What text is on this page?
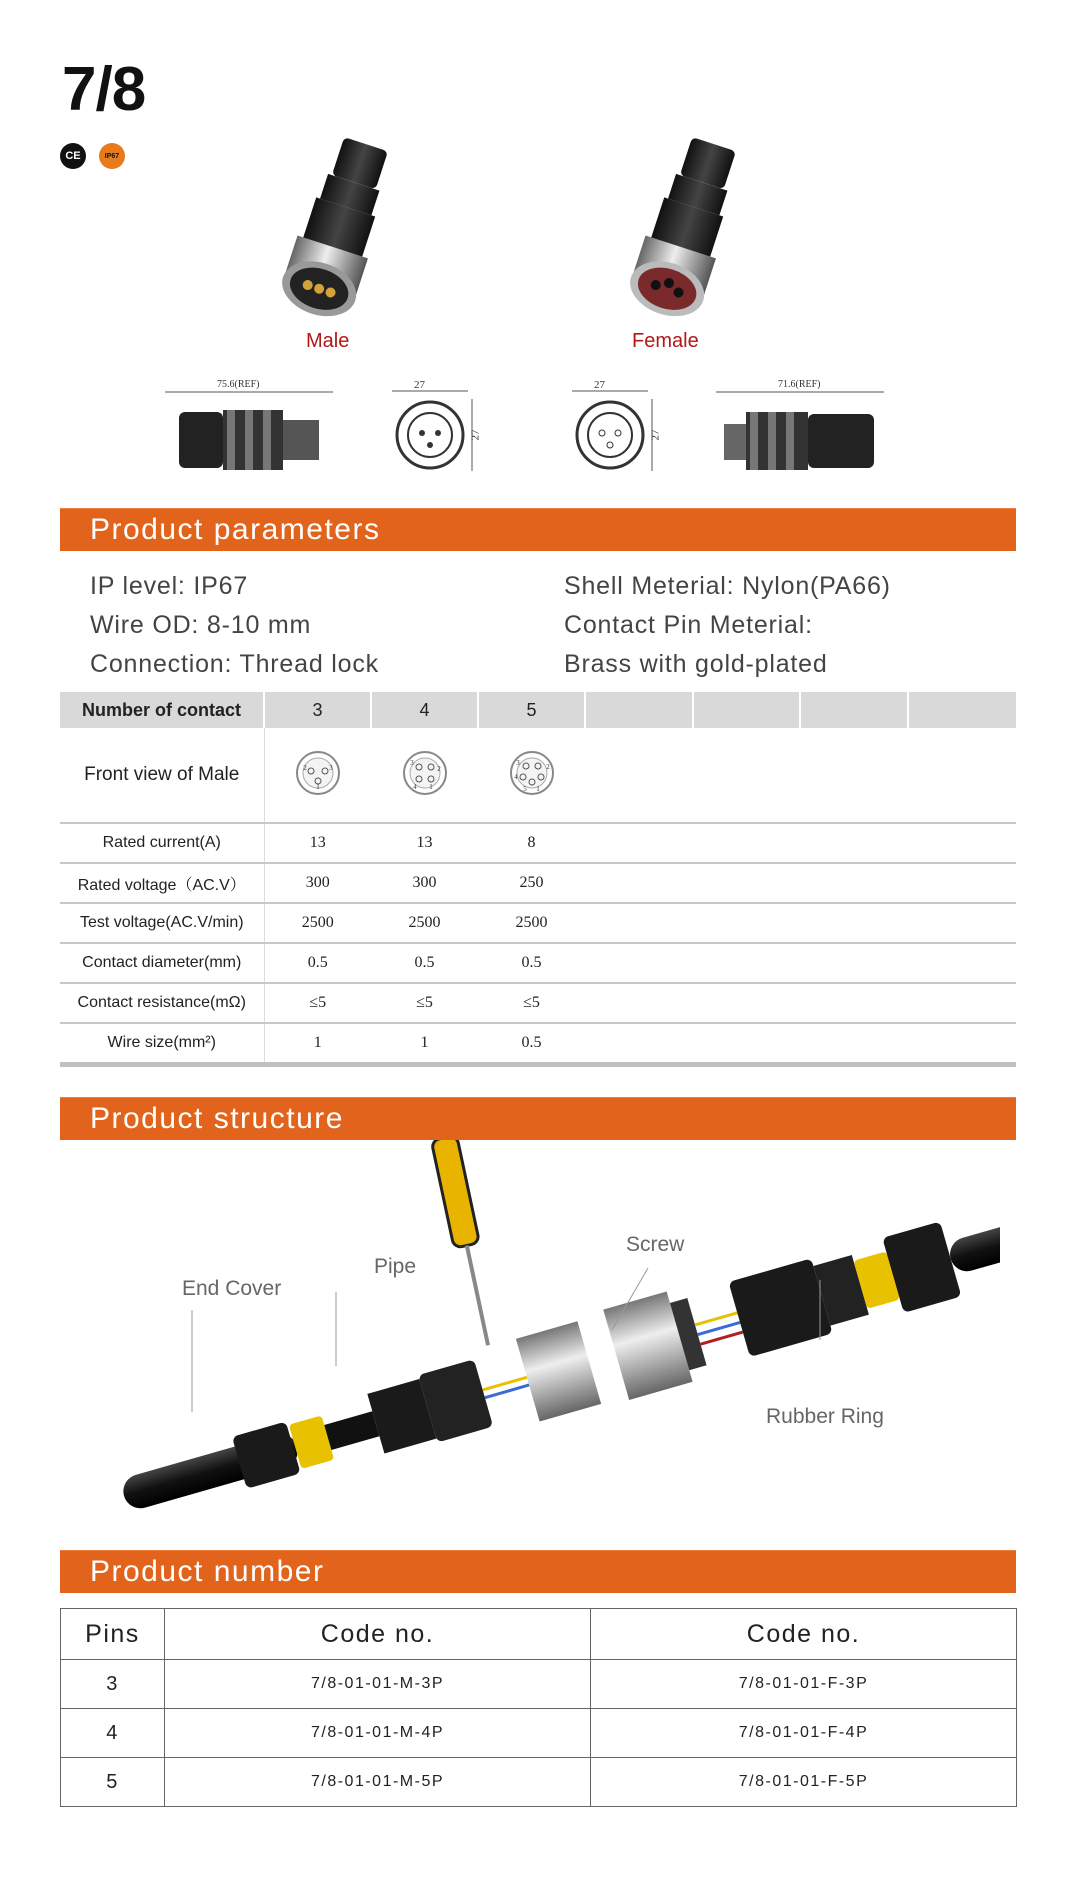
7/8
CE	IP67
Male	Female
75.6(REF)	27
27
27
27
71.6(REF)
Product parameters
IP level: IP67
Wire OD: 8-10 mm
Connection: Thread lock
Shell Meterial: Nylon(PA66)
Contact Pin Meterial:
Brass with gold-plated
Number of contact	3	4	5				
Front view of Male	1
2 3	1
2
3
4	1
2
3
4
5				

Rated current(A)	13	13	8				
Rated voltage（AC.V）	300	300	250				
Test voltage(AC.V/min)	2500	2500	2500				
Contact diameter(mm)	0.5	0.5	0.5				
Contact resistance(mΩ)	≤5	≤5	≤5				
Wire size(mm²)	1	1	0.5				
Product structure
End Cover
Pipe
Screw
Rubber Ring
Product number
Pins	Code no.	Code no.
3	7/8-01-01-M-3P	7/8-01-01-F-3P
4	7/8-01-01-M-4P	7/8-01-01-F-4P
5	7/8-01-01-M-5P	7/8-01-01-F-5P
